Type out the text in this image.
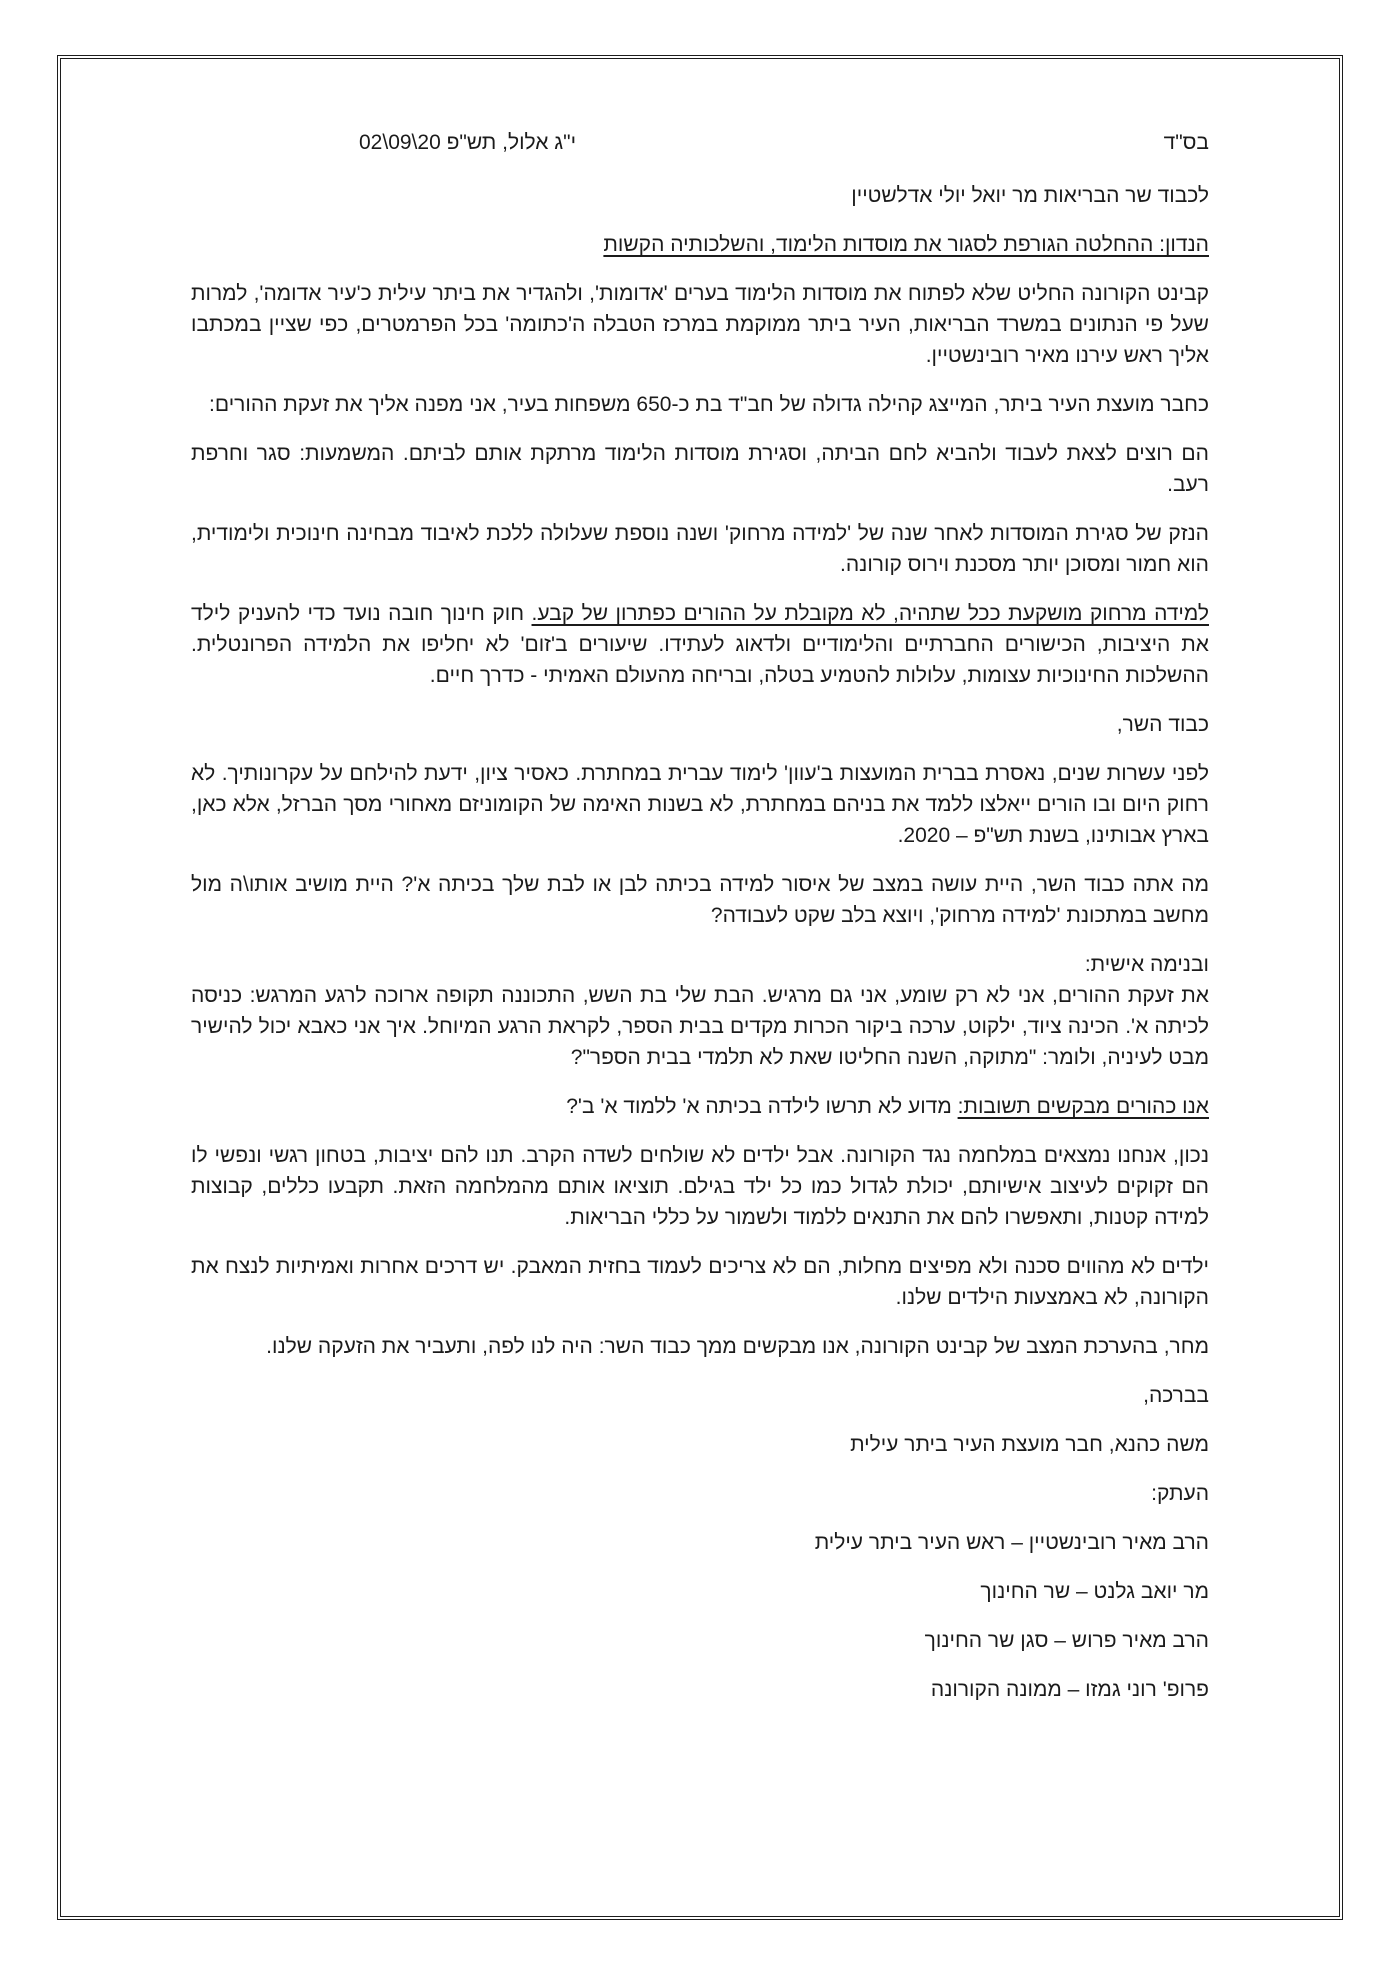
בס"ד
י"ג אלול, תש"פ 02\09\20

לכבוד שר הבריאות מר יואל יולי אדלשטיין

הנדון: ההחלטה הגורפת לסגור את מוסדות הלימוד, והשלכותיה הקשות

קבינט הקורונה החליט שלא לפתוח את מוסדות הלימוד בערים 'אדומות', ולהגדיר את ביתר עילית כ'עיר אדומה', למרות שעל פי הנתונים במשרד הבריאות, העיר ביתר ממוקמת במרכז הטבלה ה'כתומה' בכל הפרמטרים, כפי שציין במכתבו אליך ראש עירנו מאיר רובינשטיין.

כחבר מועצת העיר ביתר, המייצג קהילה גדולה של חב"ד בת כ-650 משפחות בעיר, אני מפנה אליך את זעקת ההורים:

הם רוצים לצאת לעבוד ולהביא לחם הביתה, וסגירת מוסדות הלימוד מרתקת אותם לביתם. המשמעות: סגר וחרפת רעב.

הנזק של סגירת המוסדות לאחר שנה של 'למידה מרחוק' ושנה נוספת שעלולה ללכת לאיבוד מבחינה חינוכית ולימודית, הוא חמור ומסוכן יותר מסכנת וירוס קורונה.

למידה מרחוק מושקעת ככל שתהיה, לא מקובלת על ההורים כפתרון של קבע. חוק חינוך חובה נועד כדי להעניק לילד את היציבות, הכישורים החברתיים והלימודיים ולדאוג לעתידו. שיעורים ב'זום' לא יחליפו את הלמידה הפרונטלית. ההשלכות החינוכיות עצומות, עלולות להטמיע בטלה, ובריחה מהעולם האמיתי - כדרך חיים.

כבוד השר,

לפני עשרות שנים, נאסרת בברית המועצות ב'עוון' לימוד עברית במחתרת. כאסיר ציון, ידעת להילחם על עקרונותיך. לא רחוק היום ובו הורים ייאלצו ללמד את בניהם במחתרת, לא בשנות האימה של הקומוניזם מאחורי מסך הברזל, אלא כאן, בארץ אבותינו, בשנת תש"פ – 2020.

מה אתה כבוד השר, היית עושה במצב של איסור למידה בכיתה לבן או לבת שלך בכיתה א'? היית מושיב אותו\ה מול מחשב במתכונת 'למידה מרחוק', ויוצא בלב שקט לעבודה?

ובנימה אישית:

את זעקת ההורים, אני לא רק שומע, אני גם מרגיש. הבת שלי בת השש, התכוננה תקופה ארוכה לרגע המרגש: כניסה לכיתה א'. הכינה ציוד, ילקוט, ערכה ביקור הכרות מקדים בבית הספר, לקראת הרגע המיוחל. איך אני כאבא יכול להישיר מבט לעיניה, ולומר: "מתוקה, השנה החליטו שאת לא תלמדי בבית הספר"?

אנו כהורים מבקשים תשובות: מדוע לא תרשו לילדה בכיתה א' ללמוד א' ב'?

נכון, אנחנו נמצאים במלחמה נגד הקורונה. אבל ילדים לא שולחים לשדה הקרב. תנו להם יציבות, בטחון רגשי ונפשי לו הם זקוקים לעיצוב אישיותם, יכולת לגדול כמו כל ילד בגילם. תוציאו אותם מהמלחמה הזאת. תקבעו כללים, קבוצות למידה קטנות, ותאפשרו להם את התנאים ללמוד ולשמור על כללי הבריאות.

ילדים לא מהווים סכנה ולא מפיצים מחלות, הם לא צריכים לעמוד בחזית המאבק. יש דרכים אחרות ואמיתיות לנצח את הקורונה, לא באמצעות הילדים שלנו.

מחר, בהערכת המצב של קבינט הקורונה, אנו מבקשים ממך כבוד השר: היה לנו לפה, ותעביר את הזעקה שלנו.

בברכה,

משה כהנא, חבר מועצת העיר ביתר עילית

העתק:

הרב מאיר רובינשטיין – ראש העיר ביתר עילית

מר יואב גלנט – שר החינוך

הרב מאיר פרוש – סגן שר החינוך

פרופ' רוני גמזו – ממונה הקורונה
